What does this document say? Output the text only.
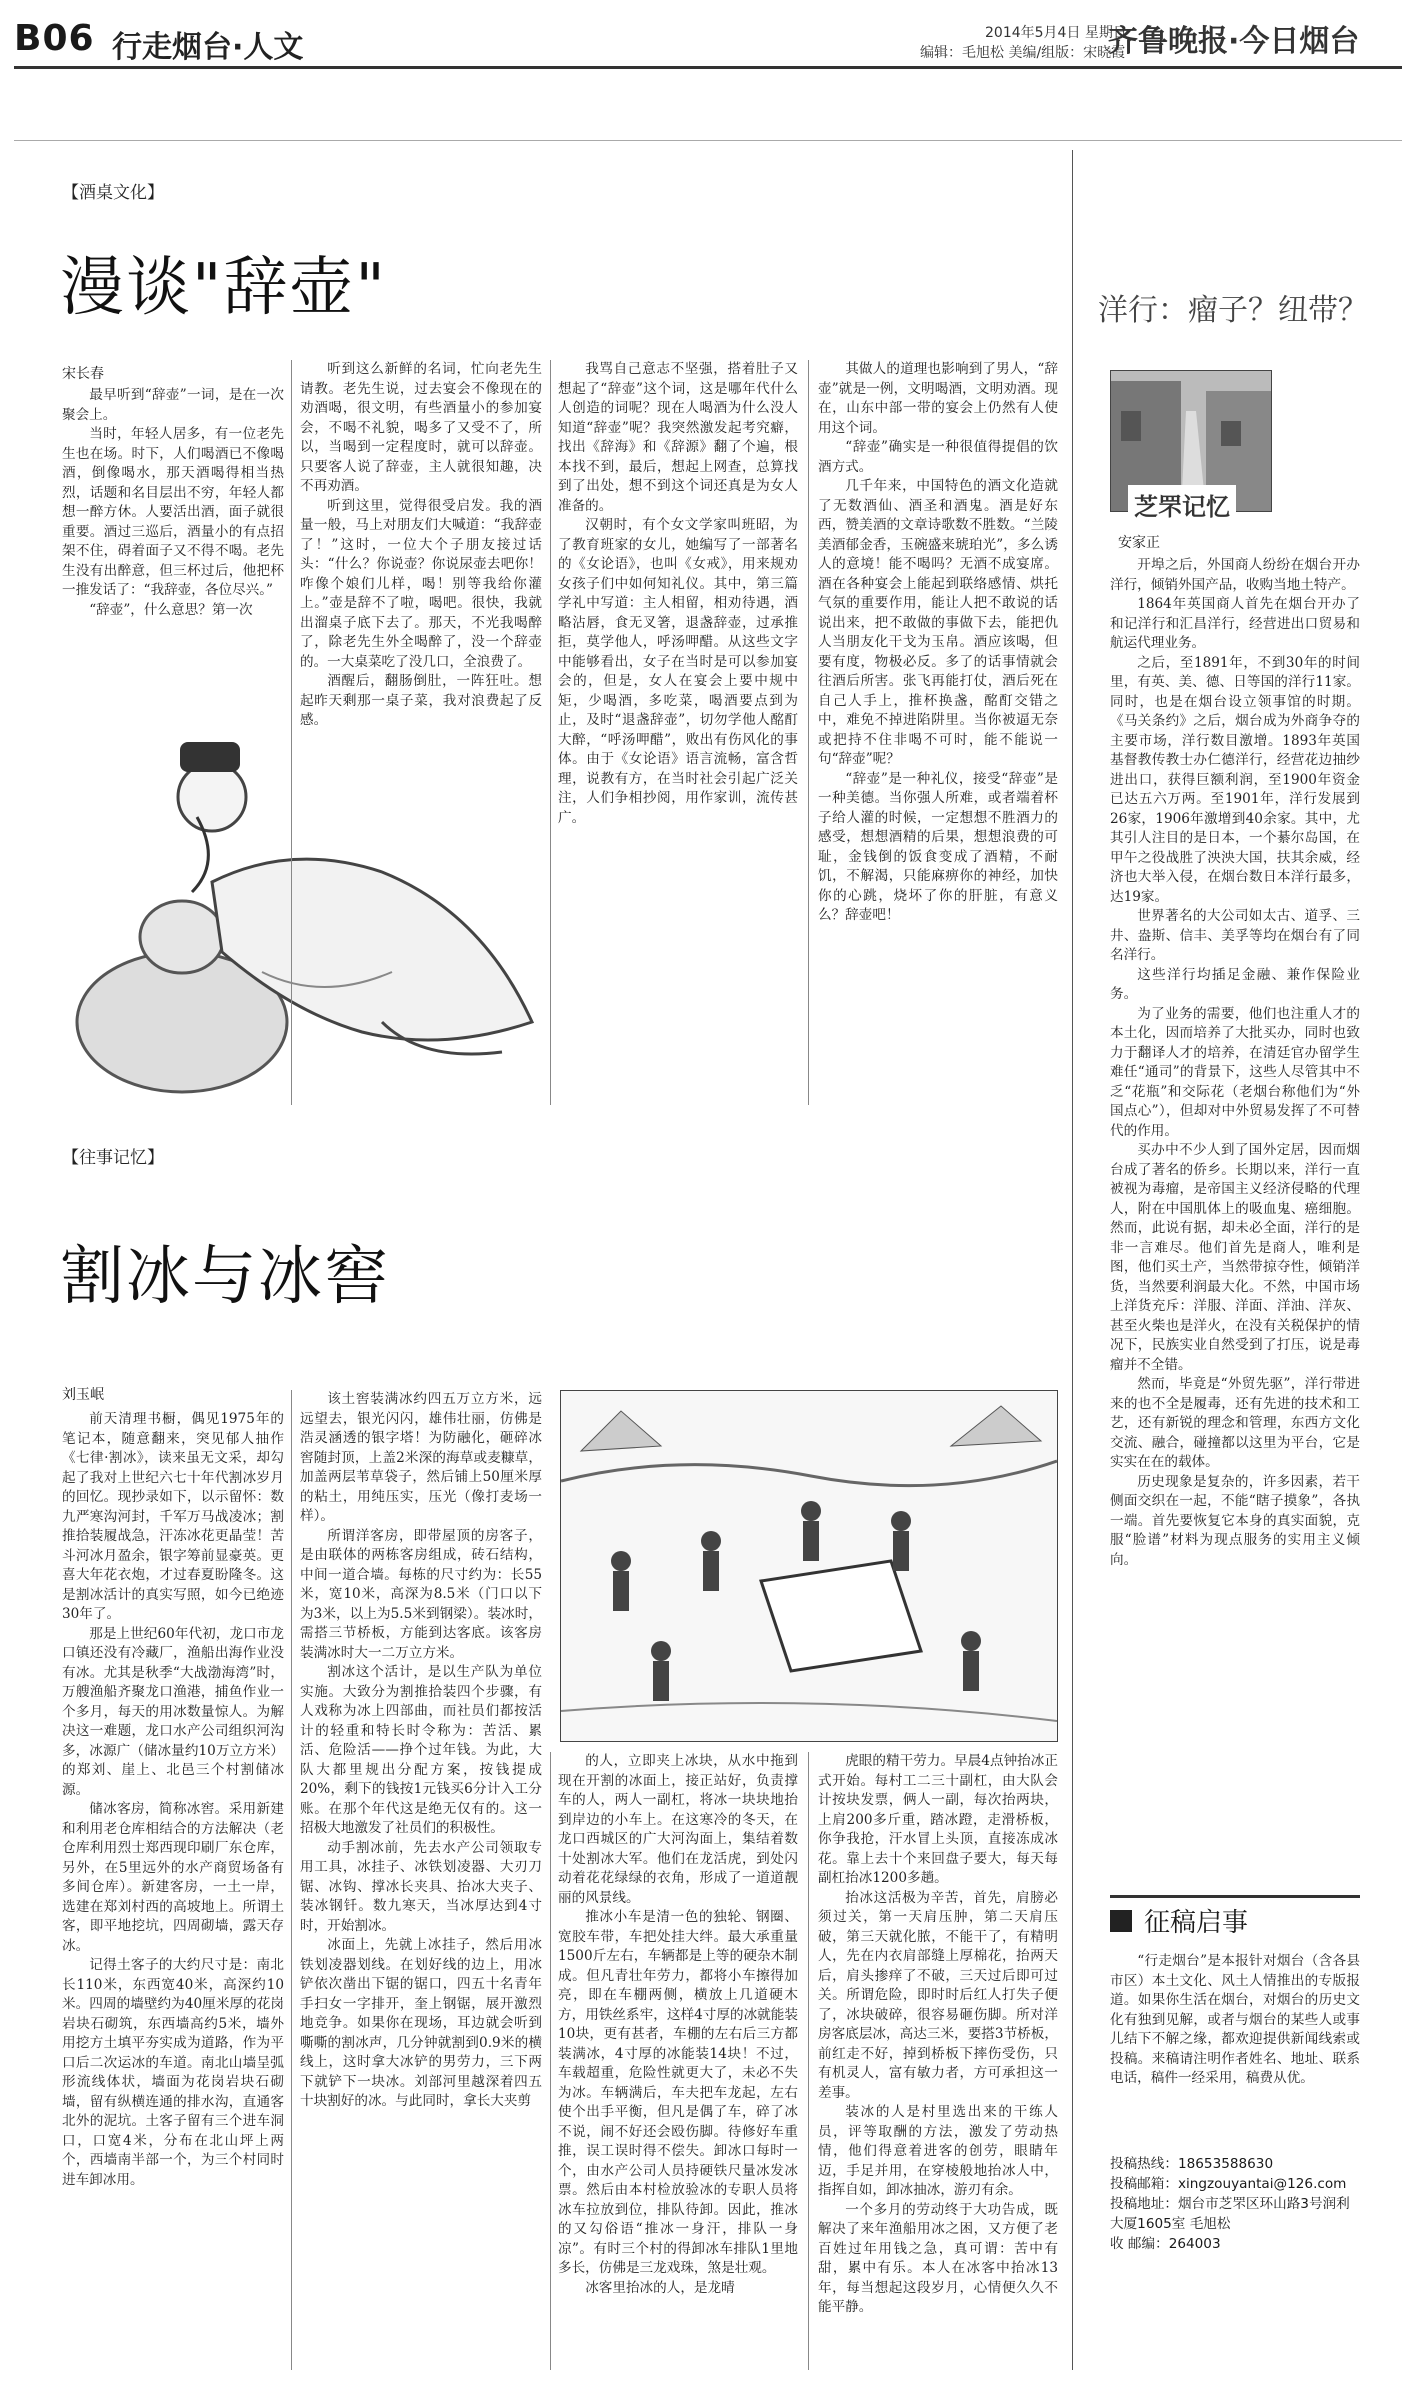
B06 行走烟台·人文	2014年5月4日 星期日
编辑：毛旭松 美编/组版：宋晓霞
齐鲁晚报·今日烟台
【酒桌文化】
漫谈"辞壶"
宋长春

最早听到“辞壶”一词，是在一次聚会上。

当时，年轻人居多，有一位老先生也在场。时下，人们喝酒已不像喝酒，倒像喝水，那天酒喝得相当热烈，话题和名目层出不穷，年轻人都想一醉方休。人要活出酒，面子就很重要。酒过三巡后，酒量小的有点招架不住，碍着面子又不得不喝。老先生没有出醉意，但三杯过后，他把杯一推发话了：“我辞壶，各位尽兴。”

“辞壶”，什么意思？第一次

听到这么新鲜的名词，忙向老先生请教。老先生说，过去宴会不像现在的劝酒喝，很文明，有些酒量小的参加宴会，不喝不礼貌，喝多了又受不了，所以，当喝到一定程度时，就可以辞壶。只要客人说了辞壶，主人就很知趣，决不再劝酒。

听到这里，觉得很受启发。我的酒量一般，马上对朋友们大喊道：“我辞壶了！”这时，一位大个子朋友接过话头：“什么？你说壶？你说尿壶去吧你！咋像个娘们儿样，喝！别等我给你灌上。”壶是辞不了啦，喝吧。很快，我就出溜桌子底下去了。那天，不光我喝醉了，除老先生外全喝醉了，没一个辞壶的。一大桌菜吃了没几口，全浪费了。

酒醒后，翻肠倒肚，一阵狂吐。想起昨天剩那一桌子菜，我对浪费起了反感。

我骂自己意志不坚强，搭着肚子又想起了“辞壶”这个词，这是哪年代什么人创造的词呢？现在人喝酒为什么没人知道“辞壶”呢？我突然激发起考究癖，找出《辞海》和《辞源》翻了个遍，根本找不到，最后，想起上网查，总算找到了出处，想不到这个词还真是为女人准备的。

汉朝时，有个女文学家叫班昭，为了教育班家的女儿，她编写了一部著名的《女论语》，也叫《女戒》，用来规劝女孩子们中如何知礼仪。其中，第三篇学礼中写道：主人相留，相劝待遇，酒略沾唇，食无叉箸，退盏辞壶，过承推拒，莫学他人，呼汤呷醋。从这些文字中能够看出，女子在当时是可以参加宴会的，但是，女人在宴会上要中规中矩，少喝酒，多吃菜，喝酒要点到为止，及时“退盏辞壶”，切勿学他人酩酊大醉，“呼汤呷醋”，败出有伤风化的事体。由于《女论语》语言流畅，富含哲理，说教有方，在当时社会引起广泛关注，人们争相抄阅，用作家训，流传甚广。

其做人的道理也影响到了男人，“辞壶”就是一例，文明喝酒，文明劝酒。现在，山东中部一带的宴会上仍然有人使用这个词。

“辞壶”确实是一种很值得提倡的饮酒方式。

几千年来，中国特色的酒文化造就了无数酒仙、酒圣和酒鬼。酒是好东西，赞美酒的文章诗歌数不胜数。“兰陵美酒郁金香，玉碗盛来琥珀光”，多么诱人的意境！能不喝吗？无酒不成宴席。酒在各种宴会上能起到联络感情、烘托气氛的重要作用，能让人把不敢说的话说出来，把不敢做的事做下去，能把仇人当朋友化干戈为玉帛。酒应该喝，但要有度，物极必反。多了的话事情就会往酒后所害。张飞再能打仗，酒后死在自己人手上，推杯换盏，酩酊交错之中，难免不掉进陷阱里。当你被逼无奈或把持不住非喝不可时，能不能说一句“辞壶”呢？

“辞壶”是一种礼仪，接受“辞壶”是一种美德。当你强人所难，或者端着杯子给人灌的时候，一定想想不胜酒力的感受，想想酒精的后果，想想浪费的可耻，金钱倒的饭食变成了酒精，不耐饥，不解渴，只能麻痹你的神经，加快你的心跳，烧坏了你的肝脏，有意义么？辞壶吧！

【往事记忆】
割冰与冰窖
刘玉岷

前天清理书橱，偶见1975年的笔记本，随意翻来，突见郁人抽作《七律·割冰》，读来虽无文采，却勾起了我对上世纪六七十年代割冰岁月的回忆。现抄录如下，以示留怀：数九严寒沟河封，千军万马战凌冰；割推拾装履战急，汗冻冰花更晶莹！苦斗河冰月盈余，银字筹前显豪英。更喜大年花衣炮，才过春夏盼隆冬。这是割冰活计的真实写照，如今已绝迹30年了。

那是上世纪60年代初，龙口市龙口镇还没有冷藏厂，渔船出海作业没有冰。尤其是秋季“大战渤海湾”时，万艘渔船齐聚龙口渔港，捕鱼作业一个多月，每天的用冰数量惊人。为解决这一难题，龙口水产公司组织河沟多，冰源广（储冰量约10万立方米）的郑刘、崖上、北邑三个村割储冰源。

储冰客房，简称冰窖。采用新建和利用老仓库相结合的方法解决（老仓库利用烈士郑西现印刷厂东仓库，另外，在5里远外的水产商贸场备有多间仓库）。新建客房，一土一岸，选建在郑刘村西的高坡地上。所谓土客，即平地挖坑，四周砌墙，露天存冰。

记得土客子的大约尺寸是：南北长110米，东西宽40米，高深约10米。四周的墙壁约为40厘米厚的花岗岩块石砌筑，东西墙高约5米，墙外用挖方土填平夯实成为道路，作为平口后二次运冰的车道。南北山墙呈弧形流线体状，墙面为花岗岩块石砌墙，留有纵横连通的排水沟，直通客北外的泥坑。土客子留有三个进车洞口，口宽4米，分布在北山坪上两个，西墙南半部一个，为三个村同时进车卸冰用。

该土窖装满冰约四五万立方米，远远望去，银光闪闪，雄伟壮丽，仿佛是浩灵涵透的银字塔！为防融化，砸碎冰窖随封顶，上盖2米深的海草或麦糠草，加盖两层苇草袋子，然后铺上50厘米厚的粘土，用纯压实，压光（像打麦场一样）。

所谓洋客房，即带屋顶的房客子，是由联体的两栋客房组成，砖石结构，中间一道合墙。每栋的尺寸约为：长55米，宽10米，高深为8.5米（门口以下为3米，以上为5.5米到钢梁）。装冰时，需搭三节桥板，方能到达客底。该客房装满冰时大一二万立方米。

割冰这个活计，是以生产队为单位实施。大致分为割推拾装四个步骤，有人戏称为冰上四部曲，而社员们都按活计的轻重和特长时令称为：苦活、累活、危险活——挣个过年钱。为此，大队大都里规出分配方案，按钱提成20%，剩下的钱按1元钱买6分计入工分账。在那个年代这是绝无仅有的。这一招极大地激发了社员们的积极性。

动手割冰前，先去水产公司领取专用工具，冰挂子、冰铁划凌器、大刃刀锯、冰钩、撑冰长夹具、抬冰大夹子、装冰钢钎。数九寒天，当冰厚达到4寸时，开始割冰。

冰面上，先就上冰挂子，然后用冰铁划凌器划线。在划好线的边上，用冰铲依次凿出下锯的锯口，四五十名青年手扫女一字排开，奎上钢锯，展开激烈地竞争。如果你在现场，耳边就会听到嘶嘶的割冰声，几分钟就割到0.9米的横线上，这时拿大冰铲的男劳力，三下两下就铲下一块冰。刘部河里越深着四五十块割好的冰。与此同时，拿长大夹剪

的人，立即夹上冰块，从水中拖到现在开割的冰面上，接正站好，负责撑车的人，两人一副杠，将冰一块块地抬到岸边的小车上。在这寒冷的冬天，在龙口西城区的广大河沟面上，集结着数十处割冰大军。他们在龙活虎，到处闪动着花花绿绿的衣角，形成了一道道靓丽的风景线。

推冰小车是清一色的独轮、钢圈、宽胶车带，车把处挂大绊。最大承重量1500斤左右，车辆都是上等的硬杂木制成。但凡青壮年劳力，都将小车擦得加亮，即在车棚两侧，横放上几道硬木方，用铁丝系牢，这样4寸厚的冰就能装10块，更有甚者，车棚的左右后三方都装满冰，4寸厚的冰能装14块！不过，车载超重，危险性就更大了，未必不失为冰。车辆满后，车夫把车龙起，左右使个出手平衡，但凡是偶了车，碎了冰不说，闹不好还会殴伤脚。待修好车重推，误工误时得不偿失。卸冰口每时一个，由水产公司人员持硬铁尺量冰发冰票。然后由本村检放验冰的专职人员将冰车拉放到位，排队待卸。因此，推冰的又勾俗语“推冰一身汗，排队一身凉”。有时三个村的得卸冰车排队1里地多长，仿佛是三龙戏珠，煞是壮观。

冰客里抬冰的人，是龙晴

虎眼的精干劳力。早晨4点钟抬冰正式开始。每村工二三十副杠，由大队会计按块发票，俩人一副，每次抬两块，上肩200多斤重，踏冰蹬，走滑桥板，你争我抢，汗水冒上头顶，直接冻成冰花。靠上去十个来回盘子要大，每天每副杠抬冰1200多趟。

抬冰这活极为辛苦，首先，肩膀必须过关，第一天肩压肿，第二天肩压破，第三天就化脓，不能干了，有精明人，先在内衣肩部缝上厚棉花，抬两天后，肩头掺痒了不破，三天过后即可过关。所谓危险，即时时后红人打失子便了，冰块破碎，很容易砸伤脚。所对洋房客底层冰，高达三米，要搭3节桥板，前红走不好，掉到桥板下摔伤受伤，只有机灵人，富有敏力者，方可承担这一差事。

装冰的人是村里选出来的干练人员，评等取酬的方法，激发了劳动热情，他们得意着进客的创劳，眼睛年迈，手足并用，在穿棱般地抬冰人中，指挥自如，卸冰抽冰，游刃有余。

一个多月的劳动终于大功告成，既解决了来年渔船用冰之困，又方便了老百姓过年用钱之急，真可谓：苦中有甜，累中有乐。本人在冰客中抬冰13年，每当想起这段岁月，心情便久久不能平静。

洋行：瘤子？纽带？
芝罘记忆
安家正

开埠之后，外国商人纷纷在烟台开办洋行，倾销外国产品，收购当地土特产。

1864年英国商人首先在烟台开办了和记洋行和汇昌洋行，经营进出口贸易和航运代理业务。

之后，至1891年，不到30年的时间里，有英、美、德、日等国的洋行11家。同时，也是在烟台设立领事馆的时期。《马关条约》之后，烟台成为外商争夺的主要市场，洋行数目激增。1893年英国基督教传教士办仁德洋行，经营花边抽纱进出口，获得巨额利润，至1900年资金已达五六万两。至1901年，洋行发展到26家，1906年激增到40余家。其中，尤其引人注目的是日本，一个綦尔岛国，在甲午之役战胜了泱泱大国，扶其余威，经济也大举入侵，在烟台数日本洋行最多，达19家。

世界著名的大公司如太古、道孚、三井、盎斯、信丰、美孚等均在烟台有了同名洋行。

这些洋行均插足金融、兼作保险业务。

为了业务的需要，他们也注重人才的本土化，因而培养了大批买办，同时也致力于翻译人才的培养，在清廷官办留学生难任“通司”的背景下，这些人尽管其中不乏“花瓶”和交际花（老烟台称他们为“外国点心”），但却对中外贸易发挥了不可替代的作用。

买办中不少人到了国外定居，因而烟台成了著名的侨乡。长期以来，洋行一直被视为毒瘤，是帝国主义经济侵略的代理人，附在中国肌体上的吸血鬼、癌细胞。然而，此说有据，却未必全面，洋行的是非一言难尽。他们首先是商人，唯利是图，他们买土产，当然带掠夺性，倾销洋货，当然要利润最大化。不然，中国市场上洋货充斥：洋服、洋面、洋油、洋灰、甚至火柴也是洋火，在没有关税保护的情况下，民族实业自然受到了打压，说是毒瘤并不全错。

然而，毕竟是“外贸先驱”，洋行带进来的也不全是履毒，还有先进的技术和工艺，还有新锐的理念和管理，东西方文化交流、融合，碰撞都以这里为平台，它是实实在在的载体。

历史现象是复杂的，许多因素，若干侧面交织在一起，不能“瞎子摸象”，各执一端。首先要恢复它本身的真实面貌，克服“脸谱”材料为现点服务的实用主义倾向。

征稿启事

“行走烟台”是本报针对烟台（含各县市区）本土文化、风土人情推出的专版报道。如果你生活在烟台，对烟台的历史文化有独到见解，或者与烟台的某些人或事儿结下不解之缘，都欢迎提供新闻线索或投稿。来稿请注明作者姓名、地址、联系电话，稿件一经采用，稿费从优。

投稿热线：18653588630
投稿邮箱：xingzouyantai@126.com
投稿地址：烟台市芝罘区环山路3号润利大厦1605室 毛旭松
收 邮编：264003
